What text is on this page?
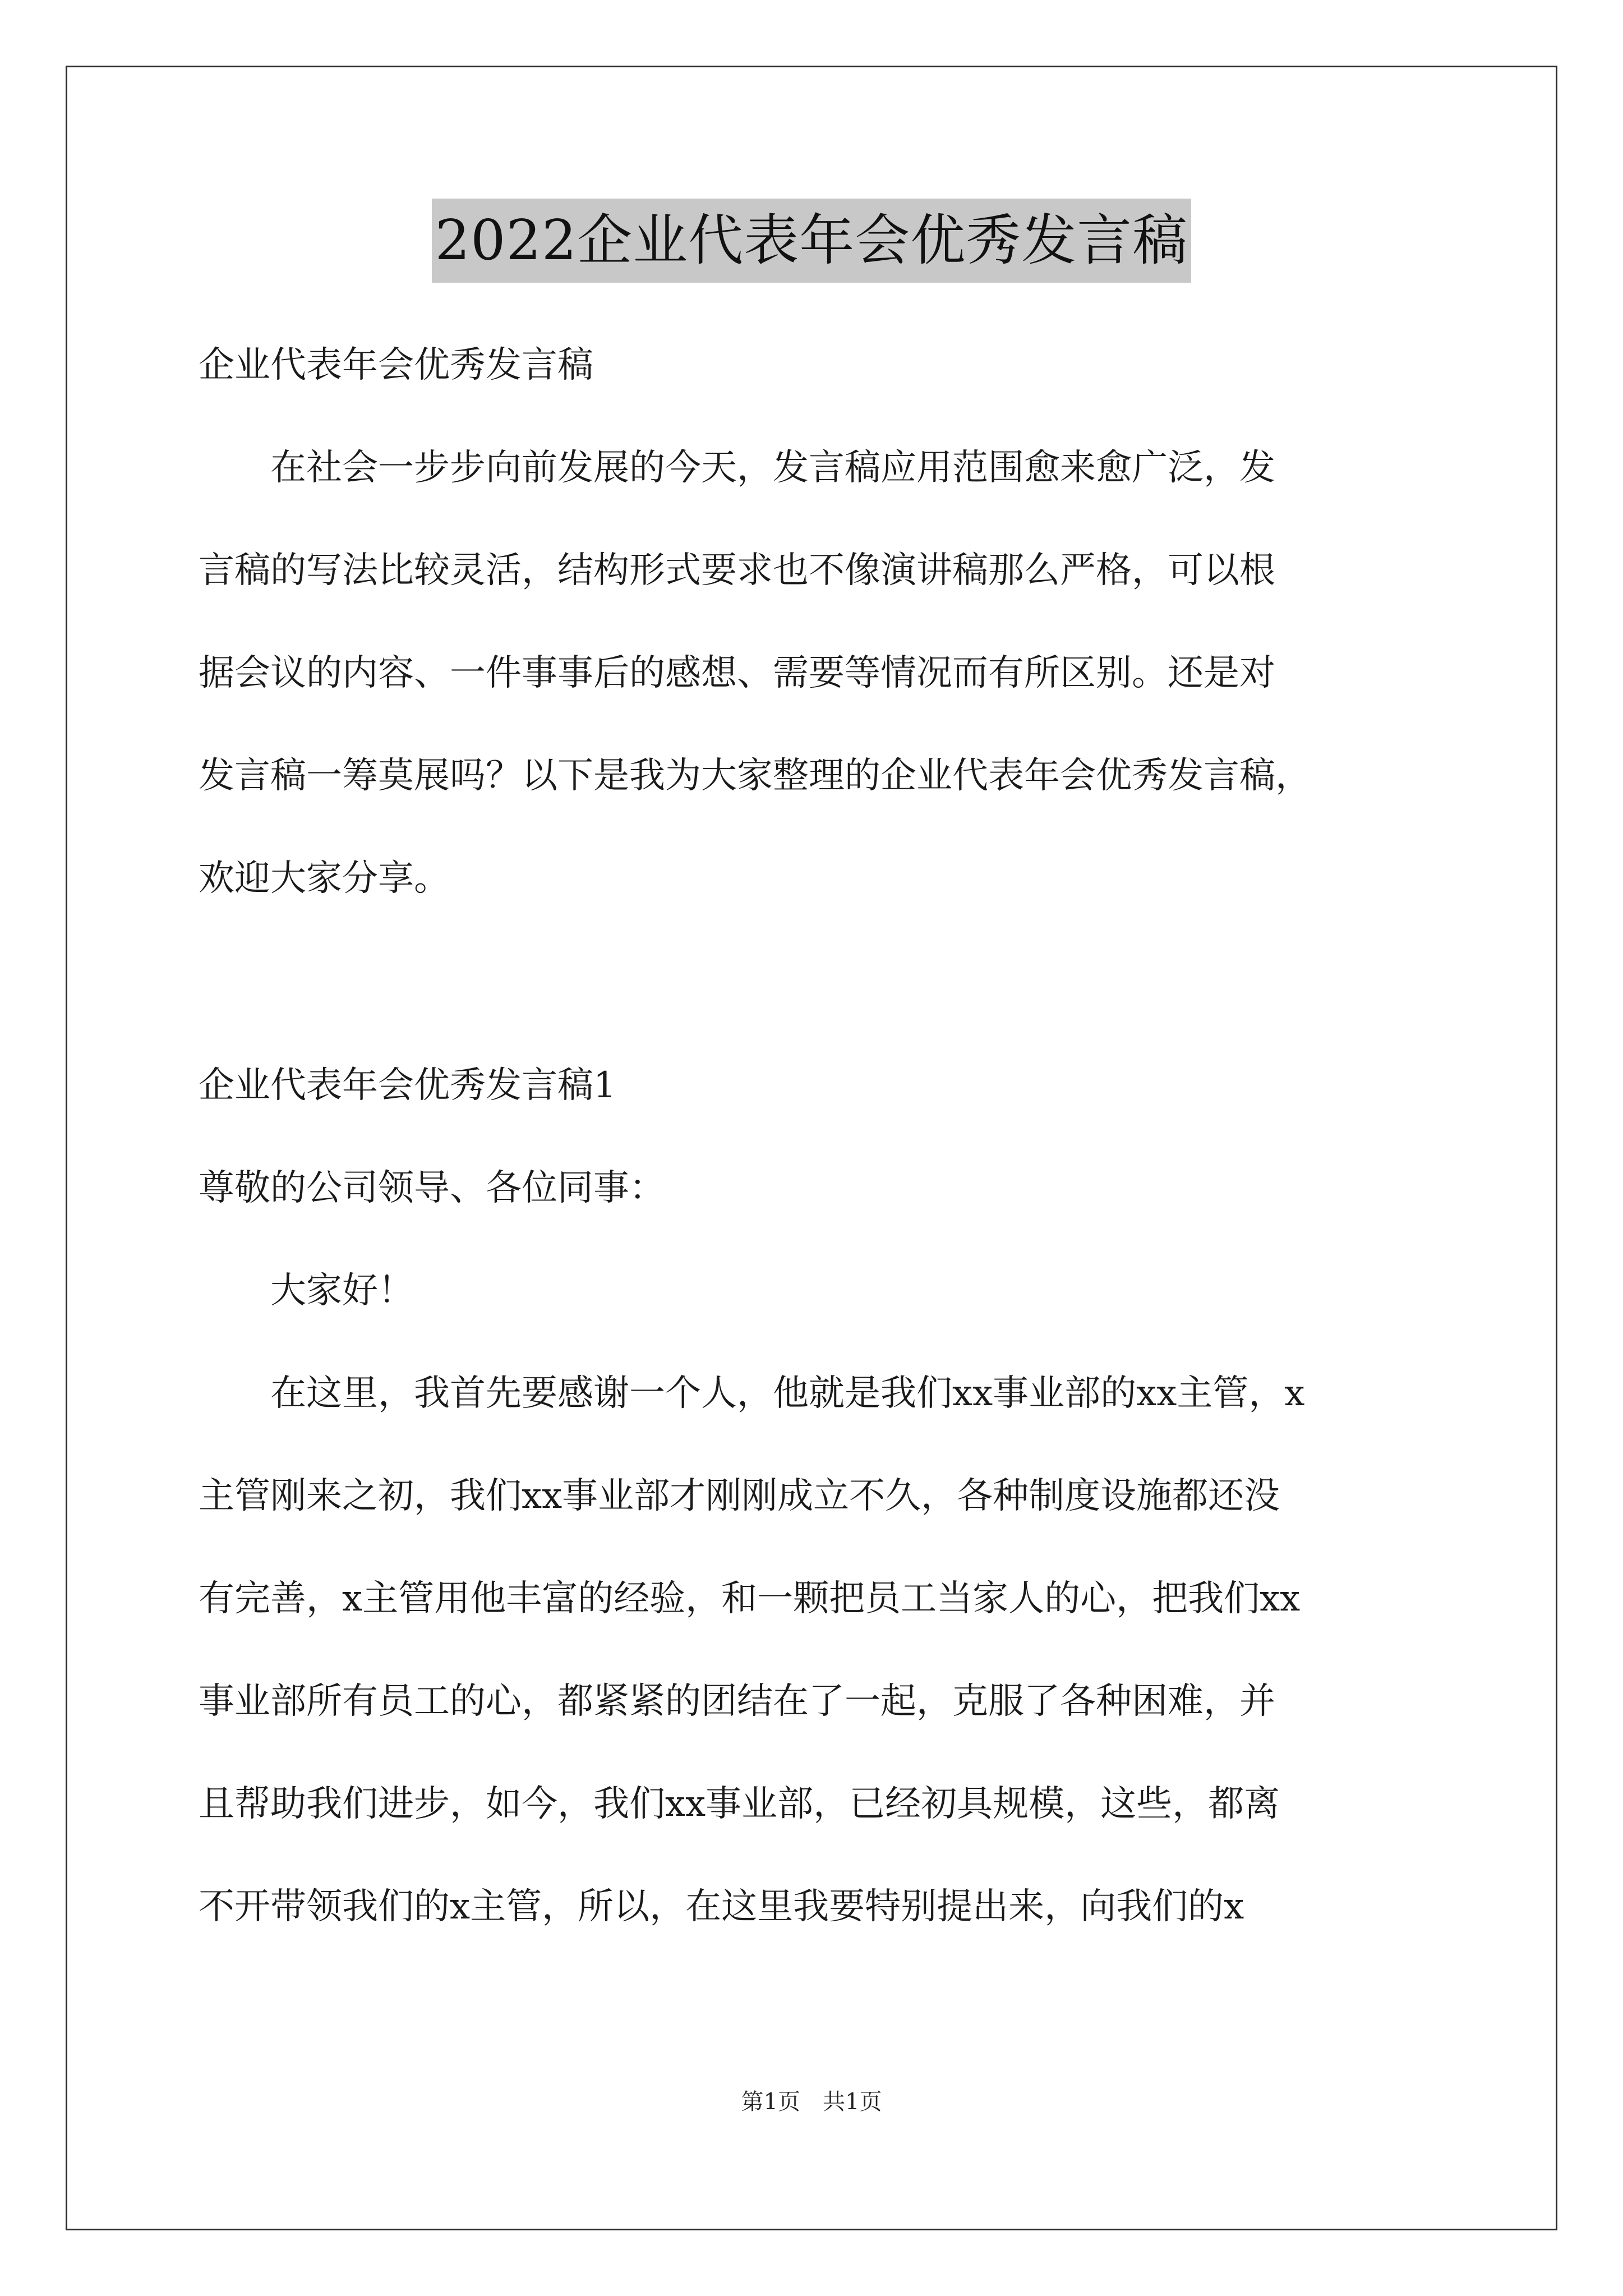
2022企业代表年会优秀发言稿
企业代表年会优秀发言稿
　　在社会一步步向前发展的今天，发言稿应用范围愈来愈广泛，发
言稿的写法比较灵活，结构形式要求也不像演讲稿那么严格，可以根
据会议的内容、一件事事后的感想、需要等情况而有所区别。还是对
发言稿一筹莫展吗？以下是我为大家整理的企业代表年会优秀发言稿，
欢迎大家分享。
企业代表年会优秀发言稿1
尊敬的公司领导、各位同事：
　　大家好！
　　在这里，我首先要感谢一个人，他就是我们xx事业部的xx主管，x
主管刚来之初，我们xx事业部才刚刚成立不久，各种制度设施都还没
有完善，x主管用他丰富的经验，和一颗把员工当家人的心，把我们xx
事业部所有员工的心，都紧紧的团结在了一起，克服了各种困难，并
且帮助我们进步，如今，我们xx事业部，已经初具规模，这些，都离
不开带领我们的x主管，所以，在这里我要特别提出来，向我们的x
第1页　共1页
